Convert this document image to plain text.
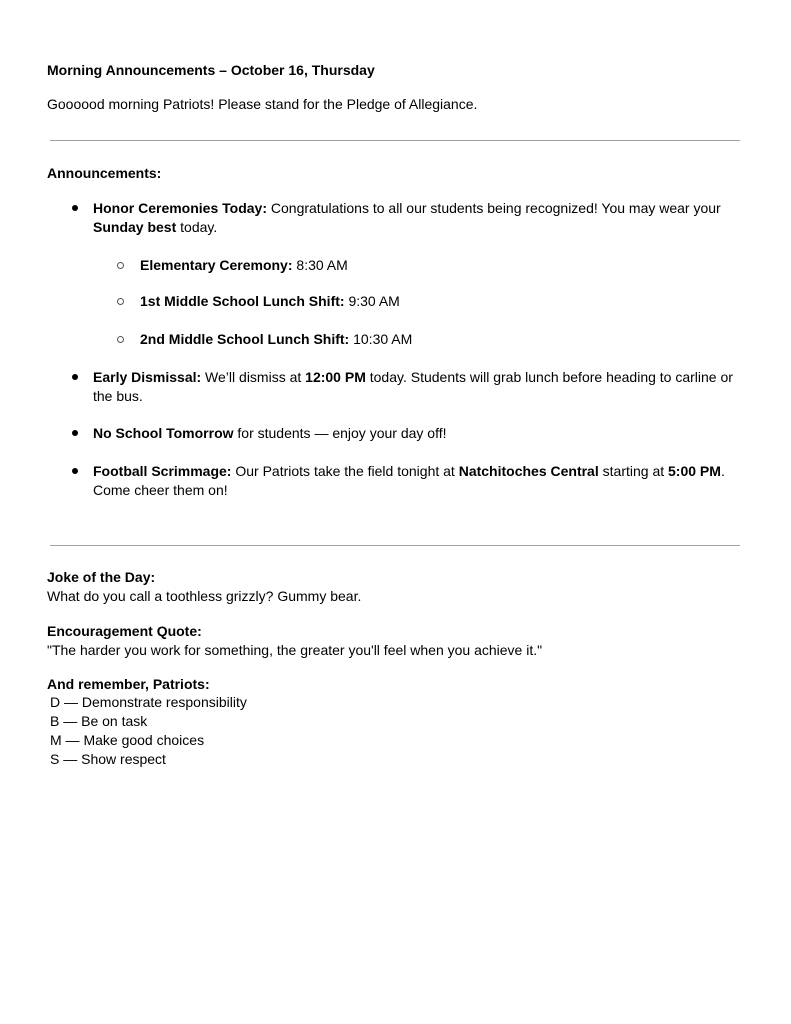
Morning Announcements – October 16, Thursday
Goooood morning Patriots! Please stand for the Pledge of Allegiance.
Announcements:
Honor Ceremonies Today: Congratulations to all our students being recognized! You may wear your
Sunday best today.
Elementary Ceremony: 8:30 AM
1st Middle School Lunch Shift: 9:30 AM
2nd Middle School Lunch Shift: 10:30 AM
Early Dismissal: We’ll dismiss at 12:00 PM today. Students will grab lunch before heading to carline or
the bus.
No School Tomorrow for students — enjoy your day off!
Football Scrimmage: Our Patriots take the field tonight at Natchitoches Central starting at 5:00 PM.
Come cheer them on!
Joke of the Day:
What do you call a toothless grizzly? Gummy bear.
Encouragement Quote:
"The harder you work for something, the greater you'll feel when you achieve it."
And remember, Patriots:
D — Demonstrate responsibility
B — Be on task
M — Make good choices
S — Show respect
